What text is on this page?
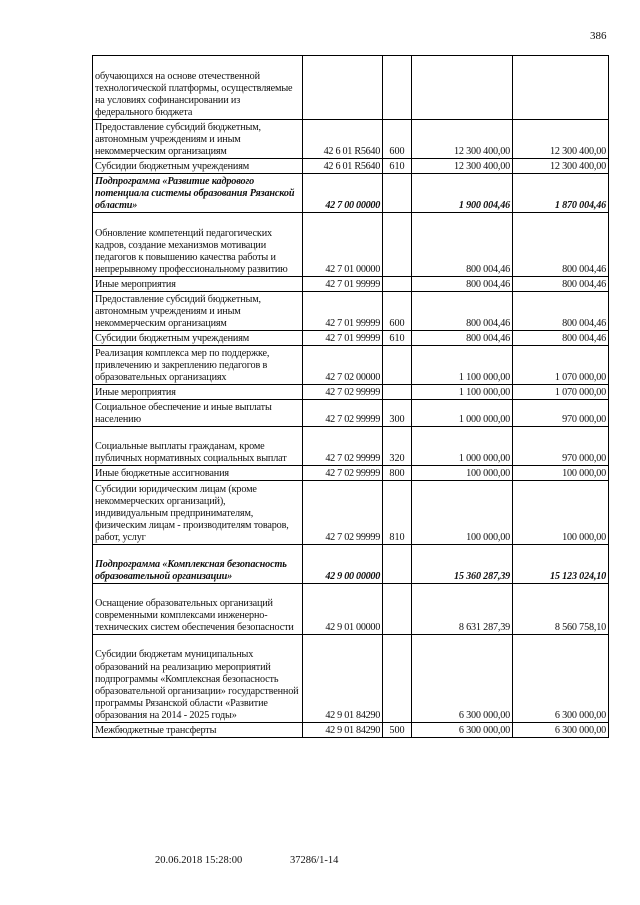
386
обучающихся на основе отечественной технологической платформы, осуществляемые на условиях софинансировании из федерального бюджета				
Предоставление субсидий бюджетным, автономным учреждениям и иным некоммерческим организациям	42 6 01 R5640	600	12 300 400,00	12 300 400,00
Субсидии бюджетным учреждениям	42 6 01 R5640	610	12 300 400,00	12 300 400,00
Подпрограмма «Развитие кадрового потенциала системы образования Рязанской области»	42 7 00 00000		1 900 004,46	1 870 004,46
Обновление компетенций педагогических кадров, создание механизмов мотивации педагогов к повышению качества работы и непрерывному профессиональному развитию	42 7 01 00000		800 004,46	800 004,46
Иные мероприятия	42 7 01 99999		800 004,46	800 004,46
Предоставление субсидий бюджетным, автономным учреждениям и иным некоммерческим организациям	42 7 01 99999	600	800 004,46	800 004,46
Субсидии бюджетным учреждениям	42 7 01 99999	610	800 004,46	800 004,46
Реализация комплекса мер по поддержке, привлечению и закреплению педагогов в образовательных организациях	42 7 02 00000		1 100 000,00	1 070 000,00
Иные мероприятия	42 7 02 99999		1 100 000,00	1 070 000,00
Социальное обеспечение и иные выплаты населению	42 7 02 99999	300	1 000 000,00	970 000,00
Социальные выплаты гражданам, кроме публичных нормативных социальных выплат	42 7 02 99999	320	1 000 000,00	970 000,00
Иные бюджетные ассигнования	42 7 02 99999	800	100 000,00	100 000,00
Субсидии юридическим лицам (кроме некоммерческих организаций), индивидуальным предпринимателям, физическим лицам - производителям товаров, работ, услуг	42 7 02 99999	810	100 000,00	100 000,00
Подпрограмма «Комплексная безопасность образовательной организации»	42 9 00 00000		15 360 287,39	15 123 024,10
Оснащение образовательных организаций современными комплексами инженерно-технических систем обеспечения безопасности	42 9 01 00000		8 631 287,39	8 560 758,10
Субсидии бюджетам муниципальных образований на реализацию мероприятий подпрограммы «Комплексная безопасность образовательной организации» государственной программы Рязанской области «Развитие образования на 2014 - 2025 годы»	42 9 01 84290		6 300 000,00	6 300 000,00
Межбюджетные трансферты	42 9 01 84290	500	6 300 000,00	6 300 000,00
20.06.2018 15:28:00	37286/1-14
